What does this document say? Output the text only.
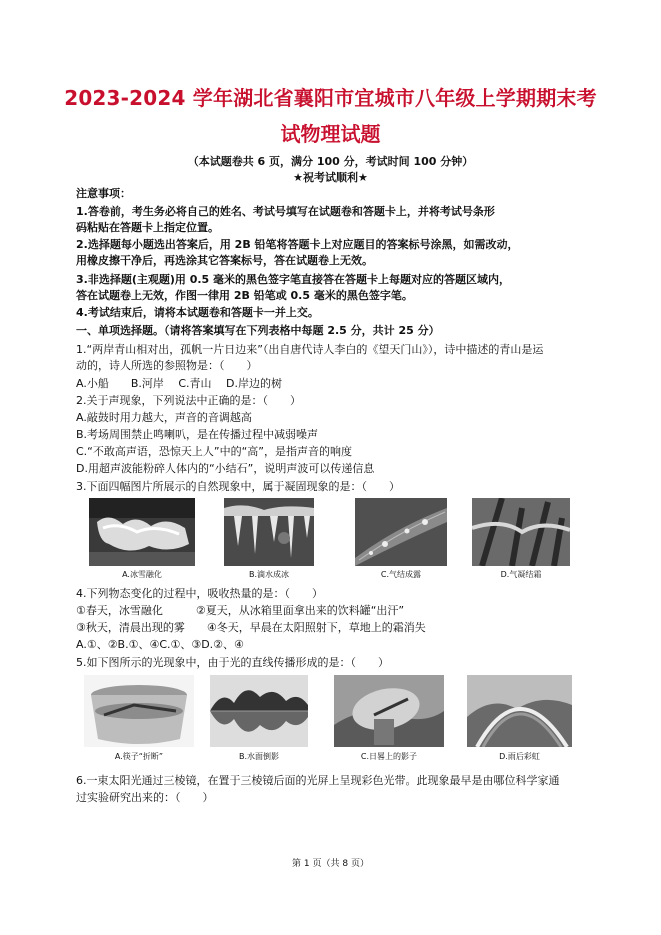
2023-2024 学年湖北省襄阳市宜城市八年级上学期期末考
试物理试题
（本试题卷共 6 页，满分 100 分，考试时间 100 分钟）
★祝考试顺利★
注意事项：
1.答卷前，考生务必将自己的姓名、考试号填写在试题卷和答题卡上，并将考试号条形
码粘贴在答题卡上指定位置。
2.选择题每小题选出答案后，用 2B 铅笔将答题卡上对应题目的答案标号涂黑，如需改动，
用橡皮擦干净后，再选涂其它答案标号，答在试题卷上无效。
3.非选择题(主观题)用 0.5 毫米的黑色签字笔直接答在答题卡上每题对应的答题区域内，
答在试题卷上无效，作图一律用 2B 铅笔或 0.5 毫米的黑色签字笔。
4.考试结束后，请将本试题卷和答题卡一并上交。
一、单项选择题。（请将答案填写在下列表格中每题 2.5 分，共计 25 分）
1.“两岸青山相对出，孤帆一片日边来”（出自唐代诗人李白的《望天门山》），诗中描述的青山是运
动的，诗人所选的参照物是：（　　）
A.小船　　B.河岸　 C.青山　 D.岸边的树
2.关于声现象，下列说法中正确的是：（　　）
A.敲鼓时用力越大，声音的音调越高
B.考场周围禁止鸣喇叭，是在传播过程中减弱噪声
C.“不敢高声语，恐惊天上人”中的“高”，是指声音的响度
D.用超声波能粉碎人体内的“小结石”，说明声波可以传递信息
3.下面四幅图片所展示的自然现象中，属于凝固现象的是：（　　）
A.冰雪融化	B.滴水成冰	C.气结成露	D.气凝结霜
4.下列物态变化的过程中，吸收热量的是：（　　）
①春天，冰雪融化　　　②夏天，从冰箱里面拿出来的饮料罐“出汗”
③秋天，清晨出现的雾　　④冬天，早晨在太阳照射下，草地上的霜消失
A.①、②B.①、④C.①、③D.②、④
5.如下图所示的光现象中，由于光的直线传播形成的是：（　　）
A.筷子“折断”	B.水面倒影	C.日晷上的影子	D.雨后彩虹
6.一束太阳光通过三棱镜，在置于三棱镜后面的光屏上呈现彩色光带。此现象最早是由哪位科学家通
过实验研究出来的：（　　）
第 1 页（共 8 页）
